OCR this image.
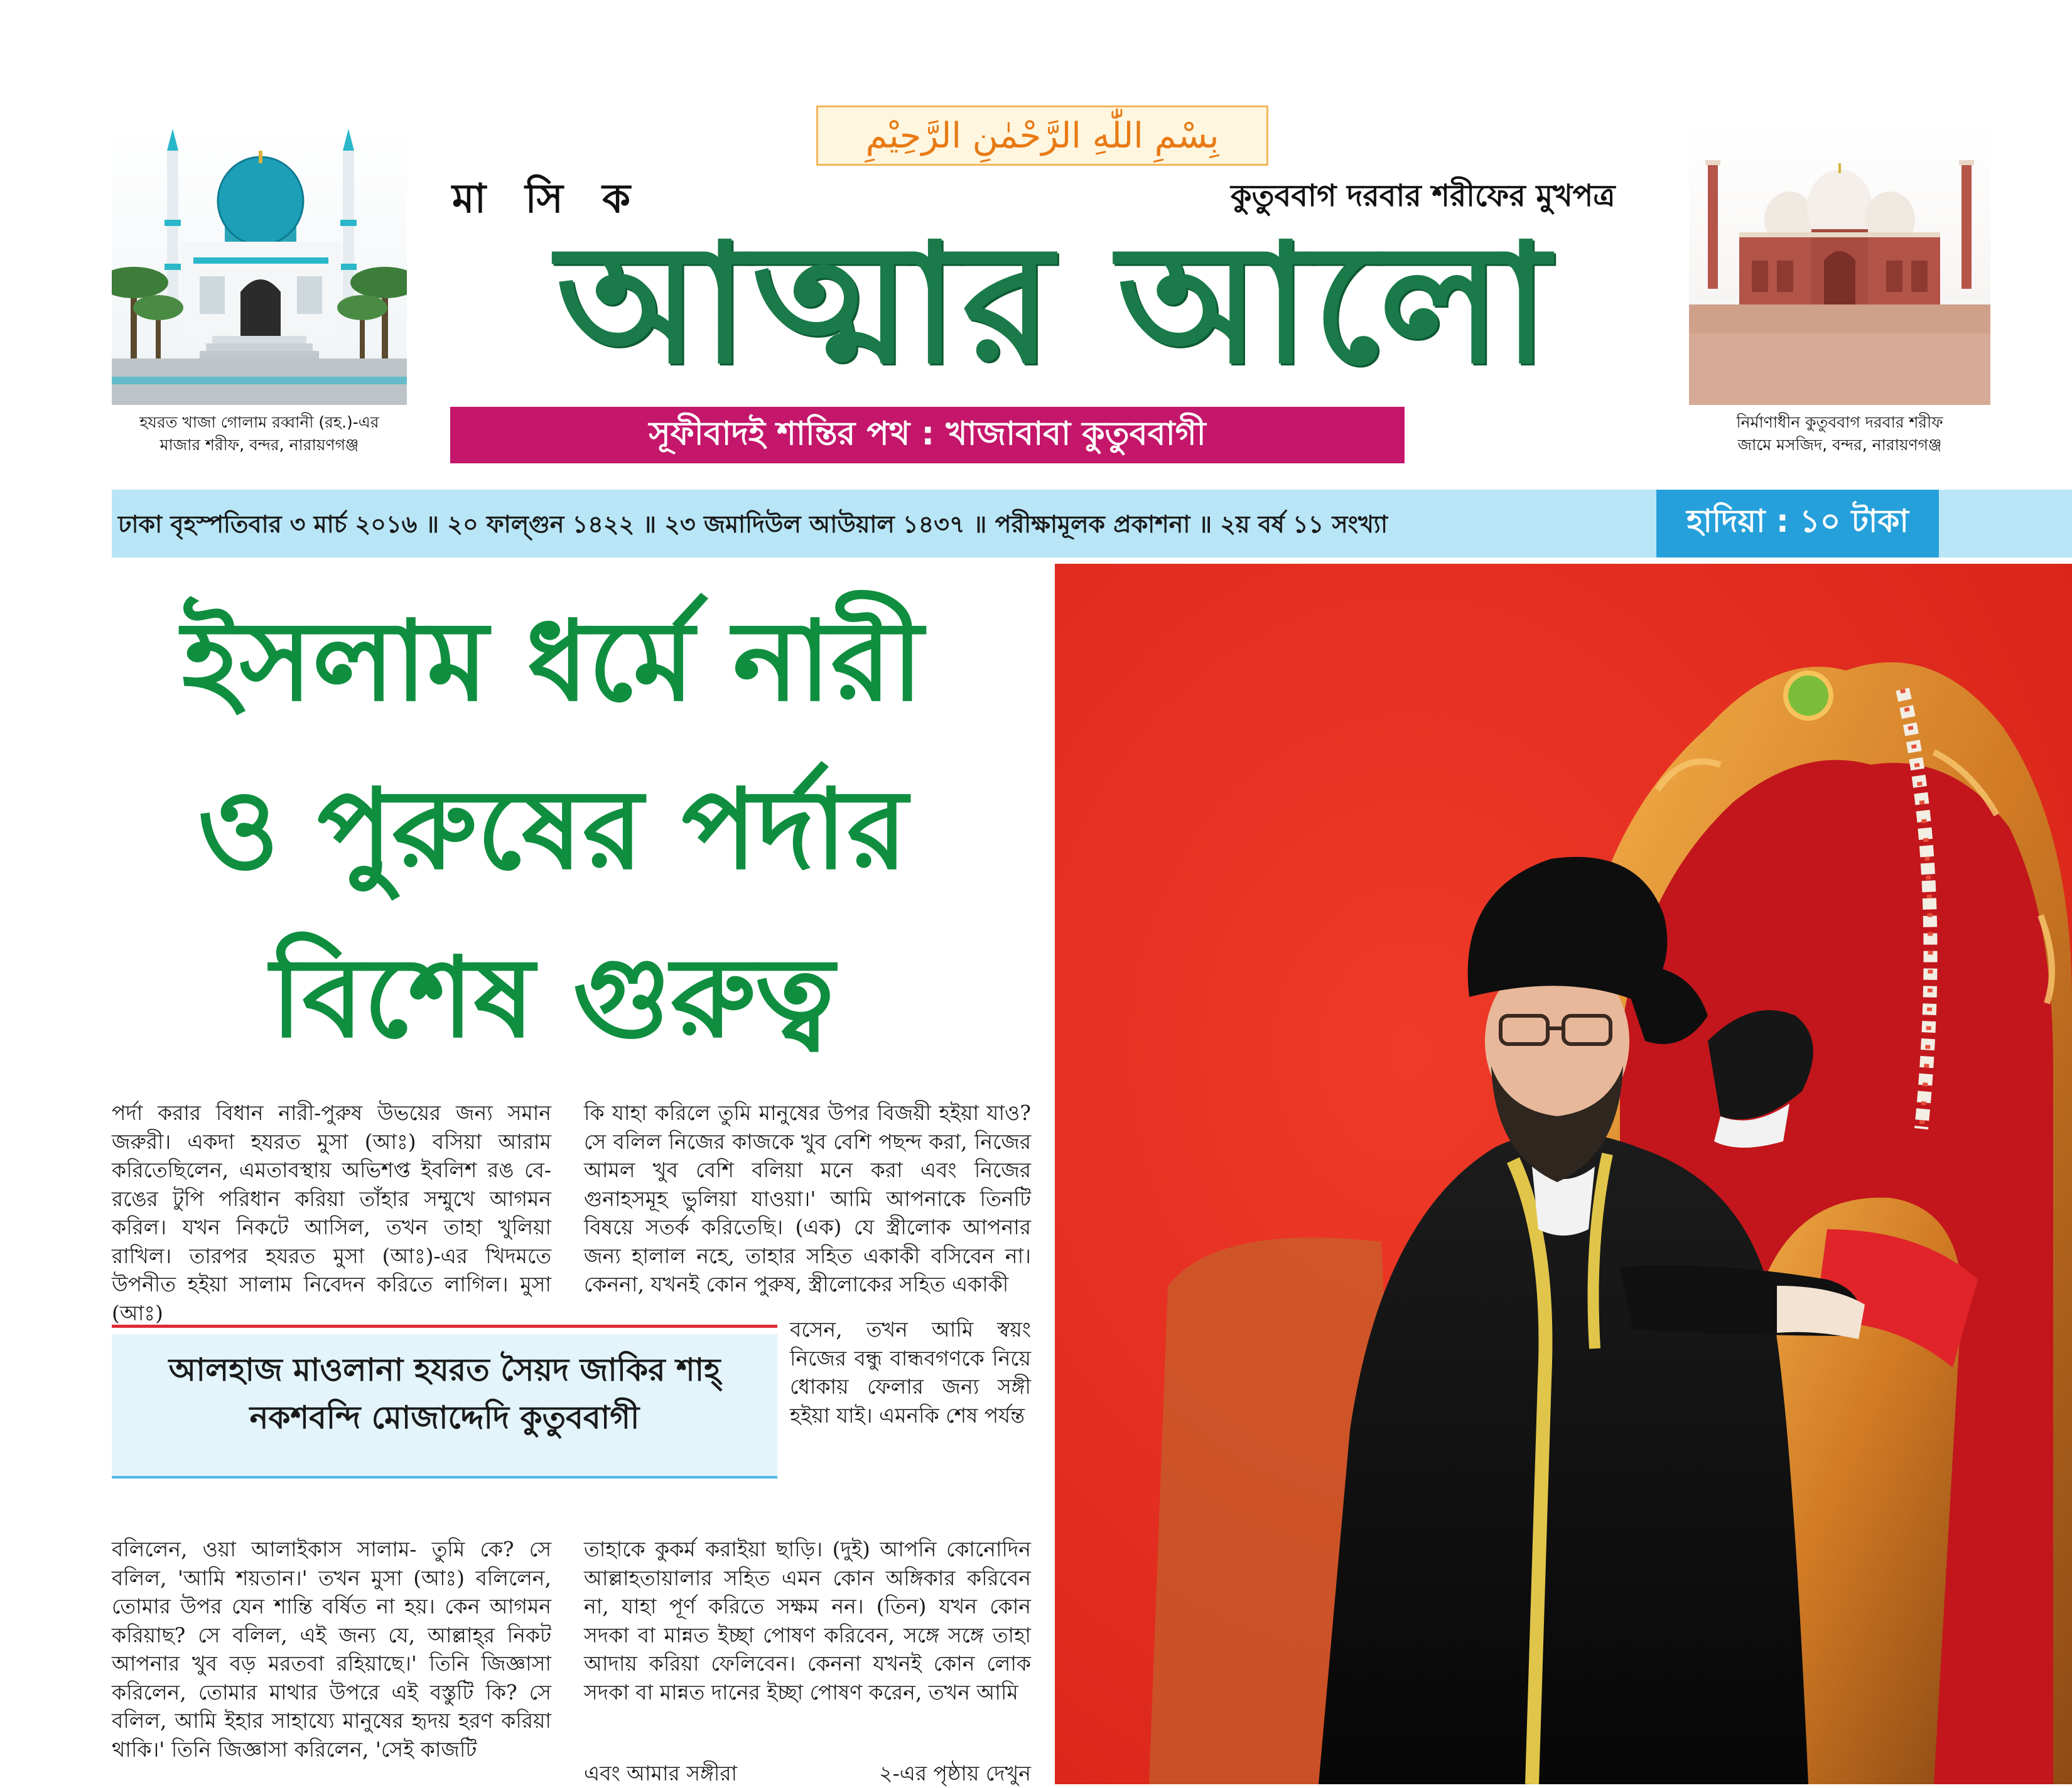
بِسْمِ اللّٰهِ الرَّحْمٰنِ الرَّحِيْمِ
মা সি ক	কুতুববাগ দরবার শরীফের মুখপত্র
আত্মার আলো
সূফীবাদই শান্তির পথ : খাজাবাবা কুতুববাগী
হযরত খাজা গোলাম রব্বানী (রহ.)-এর
মাজার শরীফ, বন্দর, নারায়ণগঞ্জ
নির্মাণাধীন কুতুববাগ দরবার শরীফ
জামে মসজিদ, বন্দর, নারায়ণগঞ্জ
ঢাকা বৃহস্পতিবার ৩ মার্চ ২০১৬ ॥ ২০ ফাল্গুন ১৪২২ ॥ ২৩ জমাদিউল আউয়াল ১৪৩৭ ॥ পরীক্ষামূলক প্রকাশনা ॥ ২য় বর্ষ ১১ সংখ্যা	হাদিয়া : ১০ টাকা
ইসলাম ধর্মে নারী
ও পুরুষের পর্দার
বিশেষ গুরুত্ব

পর্দা করার বিধান নারী-পুরুষ উভয়ের জন্য সমান জরুরী। একদা হযরত মুসা (আঃ) বসিয়া আরাম করিতেছিলেন, এমতাবস্থায় অভিশপ্ত ইবলিশ রঙ বে-রঙের টুপি পরিধান করিয়া তাঁহার সম্মুখে আগমন করিল। যখন নিকটে আসিল, তখন তাহা খুলিয়া রাখিল। তারপর হযরত মুসা (আঃ)-এর খিদমতে উপনীত হইয়া সালাম নিবেদন করিতে লাগিল। মুসা (আঃ)

কি যাহা করিলে তুমি মানুষের উপর বিজয়ী হইয়া যাও? সে বলিল নিজের কাজকে খুব বেশি পছন্দ করা, নিজের আমল খুব বেশি বলিয়া মনে করা এবং নিজের গুনাহসমূহ ভুলিয়া যাওয়া।' আমি আপনাকে তিনটি বিষয়ে সতর্ক করিতেছি। (এক) যে স্ত্রীলোক আপনার জন্য হালাল নহে, তাহার সহিত একাকী বসিবেন না। কেননা, যখনই কোন পুরুষ, স্ত্রীলোকের সহিত একাকী

বসেন, তখন আমি স্বয়ং নিজের বন্ধু বান্ধবগণকে নিয়ে ধোকায় ফেলার জন্য সঙ্গী হইয়া যাই। এমনকি শেষ পর্যন্ত

আলহাজ মাওলানা হযরত সৈয়দ জাকির শাহ্
নকশবন্দি মোজাদ্দেদি কুতুববাগী

বলিলেন, ওয়া আলাইকাস সালাম- তুমি কে? সে বলিল, 'আমি শয়তান।' তখন মুসা (আঃ) বলিলেন, তোমার উপর যেন শান্তি বর্ষিত না হয়। কেন আগমন করিয়াছ? সে বলিল, এই জন্য যে, আল্লাহ্‌র নিকট আপনার খুব বড় মরতবা রহিয়াছে।' তিনি জিজ্ঞাসা করিলেন, তোমার মাথার উপরে এই বস্তুটি কি? সে বলিল, আমি ইহার সাহায্যে মানুষের হৃদয় হরণ করিয়া থাকি।' তিনি জিজ্ঞাসা করিলেন, 'সেই কাজটি

তাহাকে কুকর্ম করাইয়া ছাড়ি। (দুই) আপনি কোনোদিন আল্লাহতায়ালার সহিত এমন কোন অঙ্গিকার করিবেন না, যাহা পূর্ণ করিতে সক্ষম নন। (তিন) যখন কোন সদকা বা মান্নত ইচ্ছা পোষণ করিবেন, সঙ্গে সঙ্গে তাহা আদায় করিয়া ফেলিবেন। কেননা যখনই কোন লোক সদকা বা মান্নত দানের ইচ্ছা পোষণ করেন, তখন আমি

এবং আমার সঙ্গীরা	২-এর পৃষ্ঠায় দেখুন
